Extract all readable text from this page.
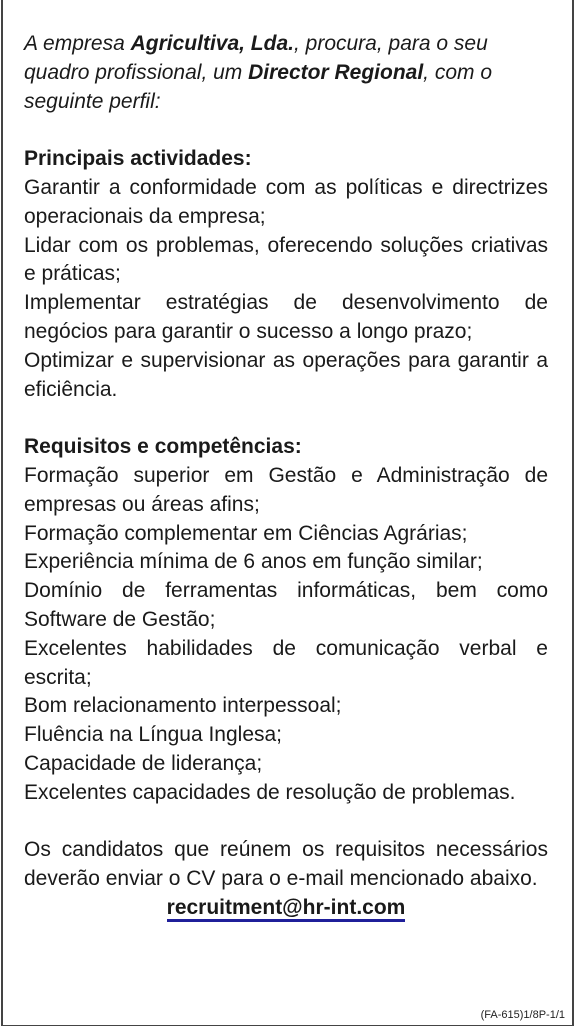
A empresa Agricultiva, Lda., procura, para o seu quadro profissional, um Director Regional, com o seguinte perfil:

Principais actividades:

Garantir a conformidade com as políticas e directrizes operacionais da empresa;

Lidar com os problemas, oferecendo soluções criativas e práticas;

Implementar estratégias de desenvolvimento de negócios para garantir o sucesso a longo prazo;

Optimizar e supervisionar as operações para garantir a eficiência.

Requisitos e competências:

Formação superior em Gestão e Administração de empresas ou áreas afins;

Formação complementar em Ciências Agrárias;

Experiência mínima de 6 anos em função similar;

Domínio de ferramentas informáticas, bem como Software de Gestão;

Excelentes habilidades de comunicação verbal e escrita;

Bom relacionamento interpessoal;

Fluência na Língua Inglesa;

Capacidade de liderança;

Excelentes capacidades de resolução de problemas.

Os candidatos que reúnem os requisitos necessários deverão enviar o CV para o e-mail mencionado abaixo.

recruitment@hr-int.com

(FA-615)1/8P-1/1
